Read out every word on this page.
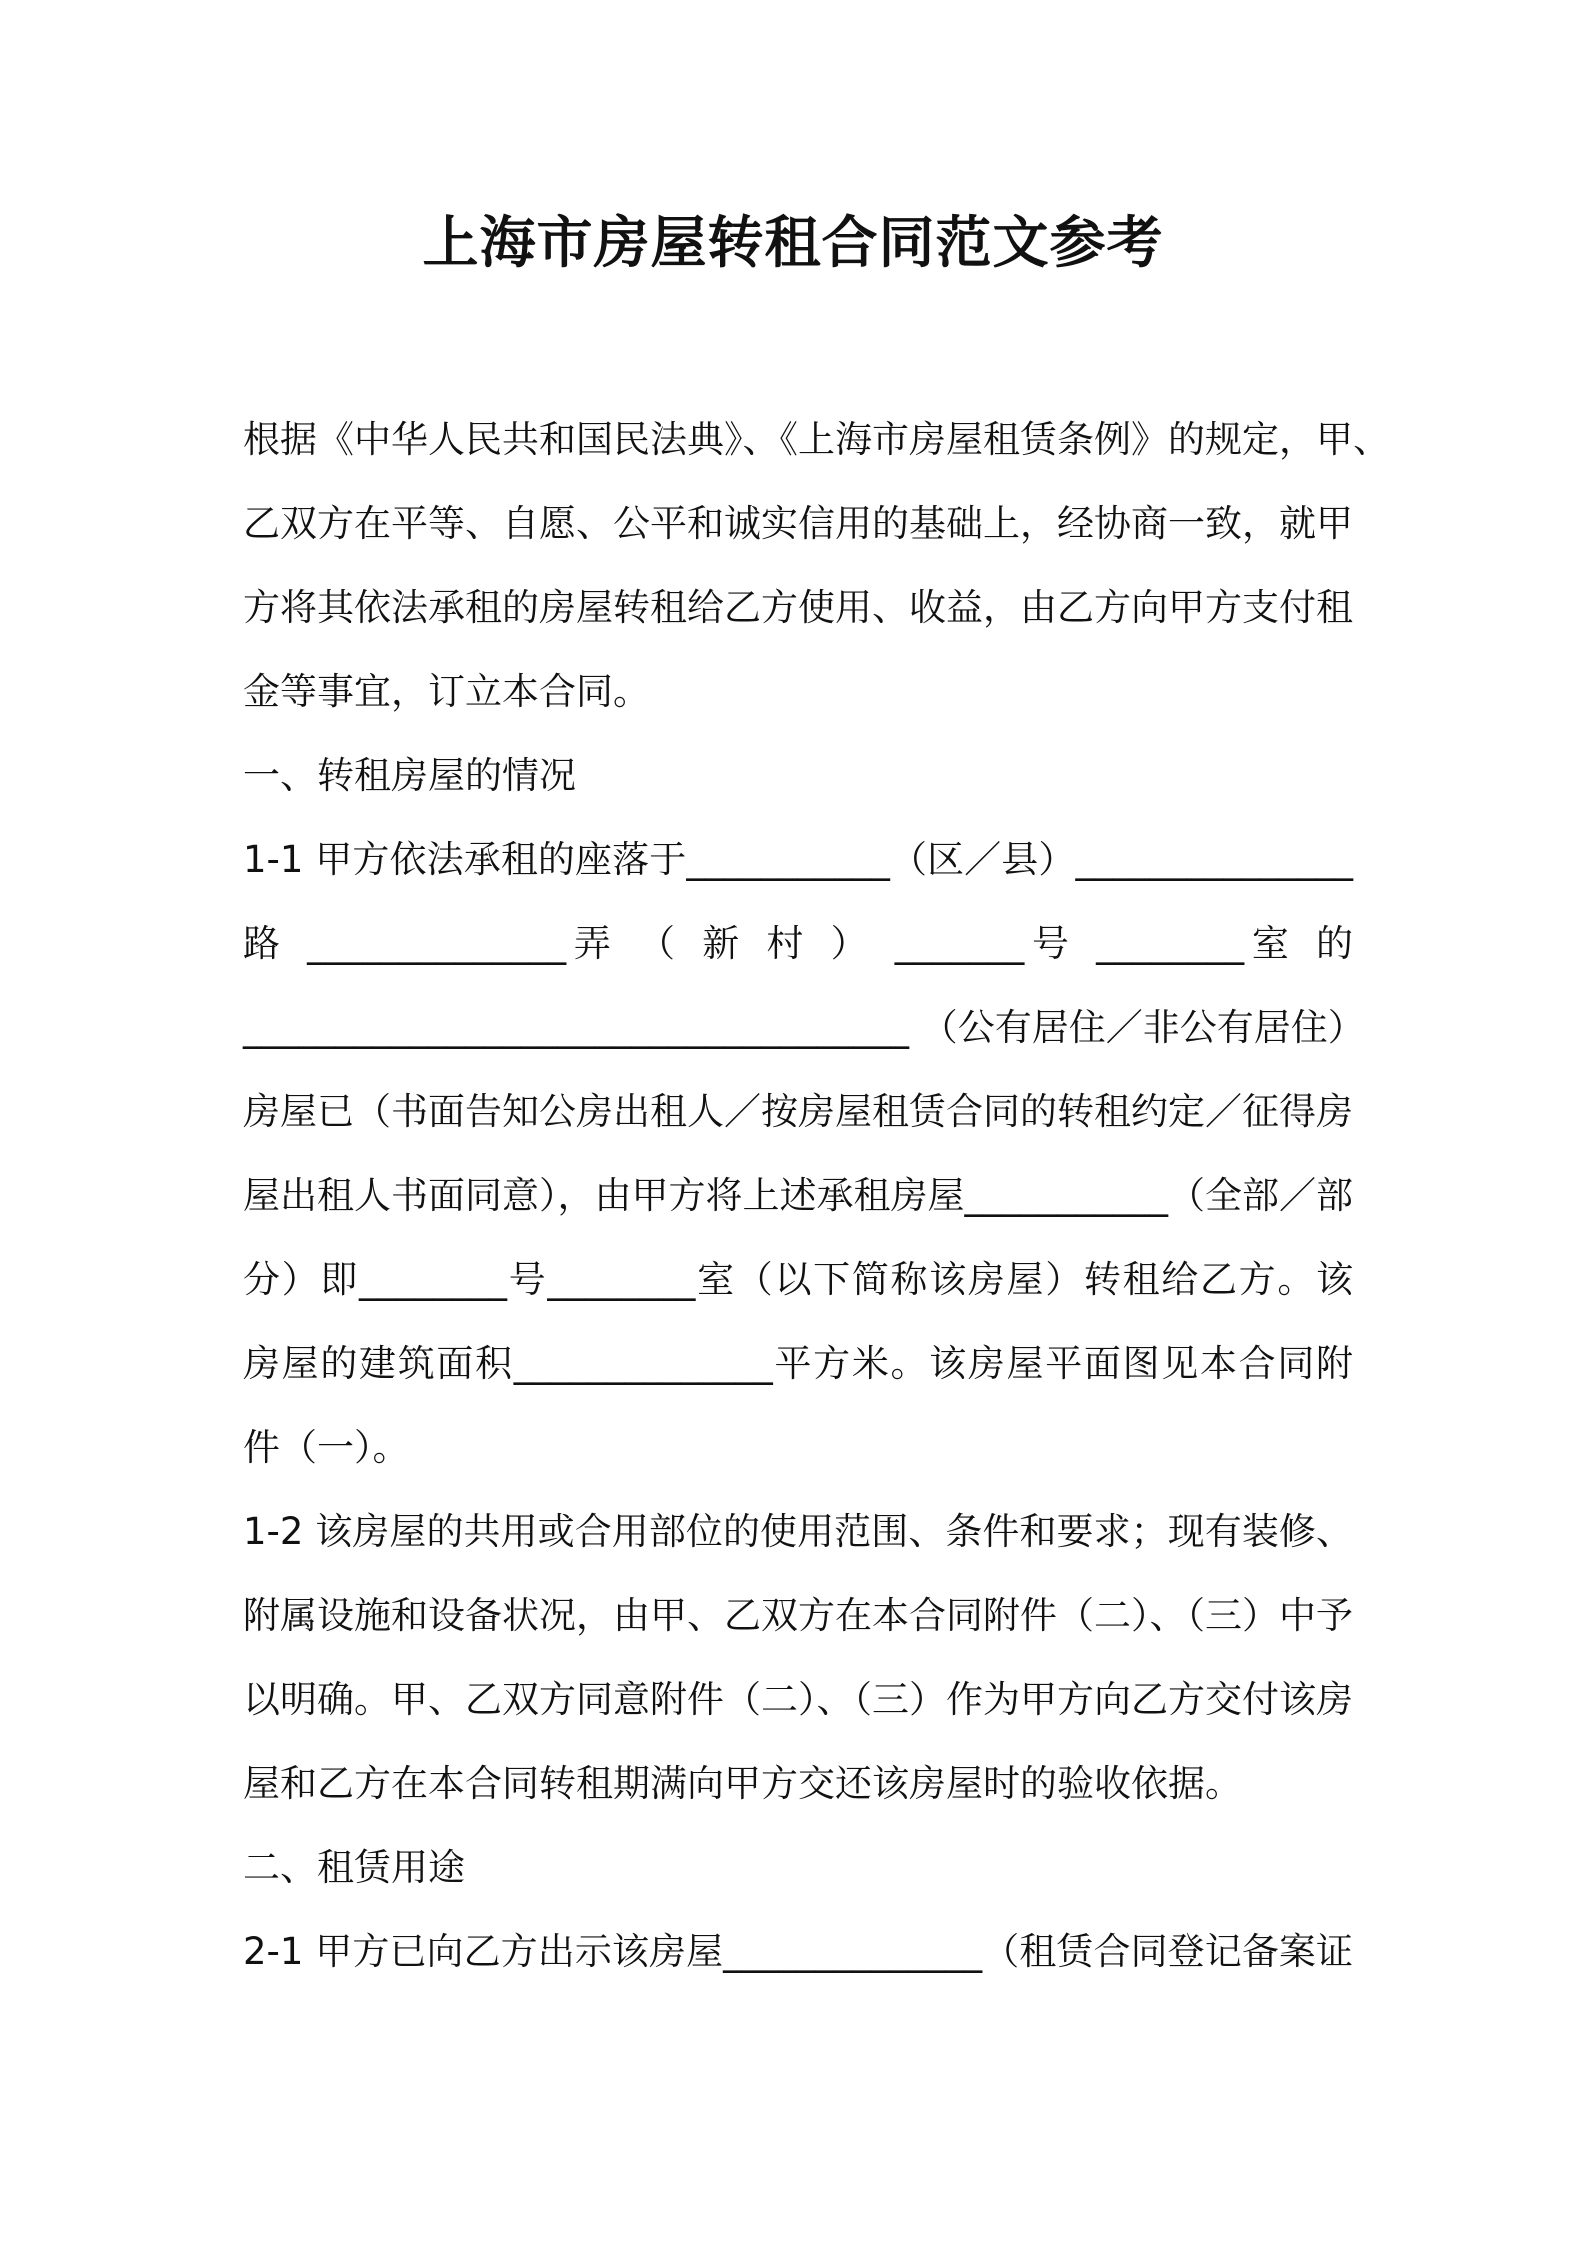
上海市房屋转租合同范文参考
根据《中华人民共和国民法典》、《上海市房屋租赁条例》的规定，甲、
乙双方在平等、自愿、公平和诚实信用的基础上，经协商一致，就甲
方将其依法承租的房屋转租给乙方使用、收益，由乙方向甲方支付租
金等事宜，订立本合同。
一、转租房屋的情况
1-1 甲方依法承租的座落于___________（区／县）_______________
路 ______________弄 （ 新 村 ） _______号 ________室 的
____________________________________ （公有居住／非公有居住）
房屋已（书面告知公房出租人／按房屋租赁合同的转租约定／征得房
屋出租人书面同意），由甲方将上述承租房屋___________（全部／部
分）即________号________室（以下简称该房屋）转租给乙方。该
房屋的建筑面积______________平方米。该房屋平面图见本合同附
件（一）。
1-2 该房屋的共用或合用部位的使用范围、条件和要求；现有装修、
附属设施和设备状况，由甲、乙双方在本合同附件（二）、（三）中予
以明确。甲、乙双方同意附件（二）、（三）作为甲方向乙方交付该房
屋和乙方在本合同转租期满向甲方交还该房屋时的验收依据。
二、租赁用途
2-1 甲方已向乙方出示该房屋______________（租赁合同登记备案证
